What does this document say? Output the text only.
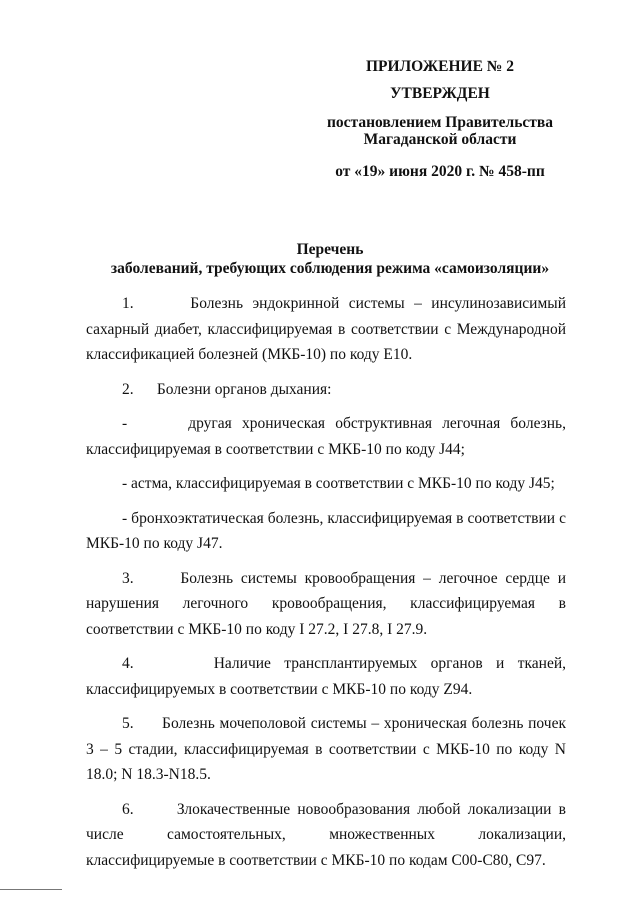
ПРИЛОЖЕНИЕ № 2
УТВЕРЖДЕН
постановлением Правительства
Магаданской области
от «19» июня 2020 г. № 458-пп
Перечень
заболеваний, требующих соблюдения режима «самоизоляции»

1.      Болезнь эндокринной системы – инсулинозависимый сахарный диабет, классифицируемая в соответствии с Международной классификацией болезней (МКБ-10) по коду Е10.

2.      Болезни органов дыхания:

-      другая хроническая обструктивная легочная болезнь, классифицируемая в соответствии с МКБ-10 по коду J44;

- астма, классифицируемая в соответствии с МКБ-10 по коду J45;

- бронхоэктатическая болезнь, классифицируемая в соответствии с МКБ-10 по коду J47.

3.      Болезнь системы кровообращения – легочное сердце и нарушения легочного кровообращения, классифицируемая в соответствии с МКБ-10 по коду I 27.2, I 27.8, I 27.9.

4.      Наличие трансплантируемых органов и тканей, классифицируемых в соответствии с МКБ-10 по коду Z94.

5.      Болезнь мочеполовой системы – хроническая болезнь почек 3 – 5 стадии, классифицируемая в соответствии с МКБ-10 по коду N 18.0; N 18.3-N18.5.

6.      Злокачественные новообразования любой локализации в числе самостоятельных, множественных локализации, классифицируемые в соответствии с МКБ-10 по кодам С00-С80, С97.
